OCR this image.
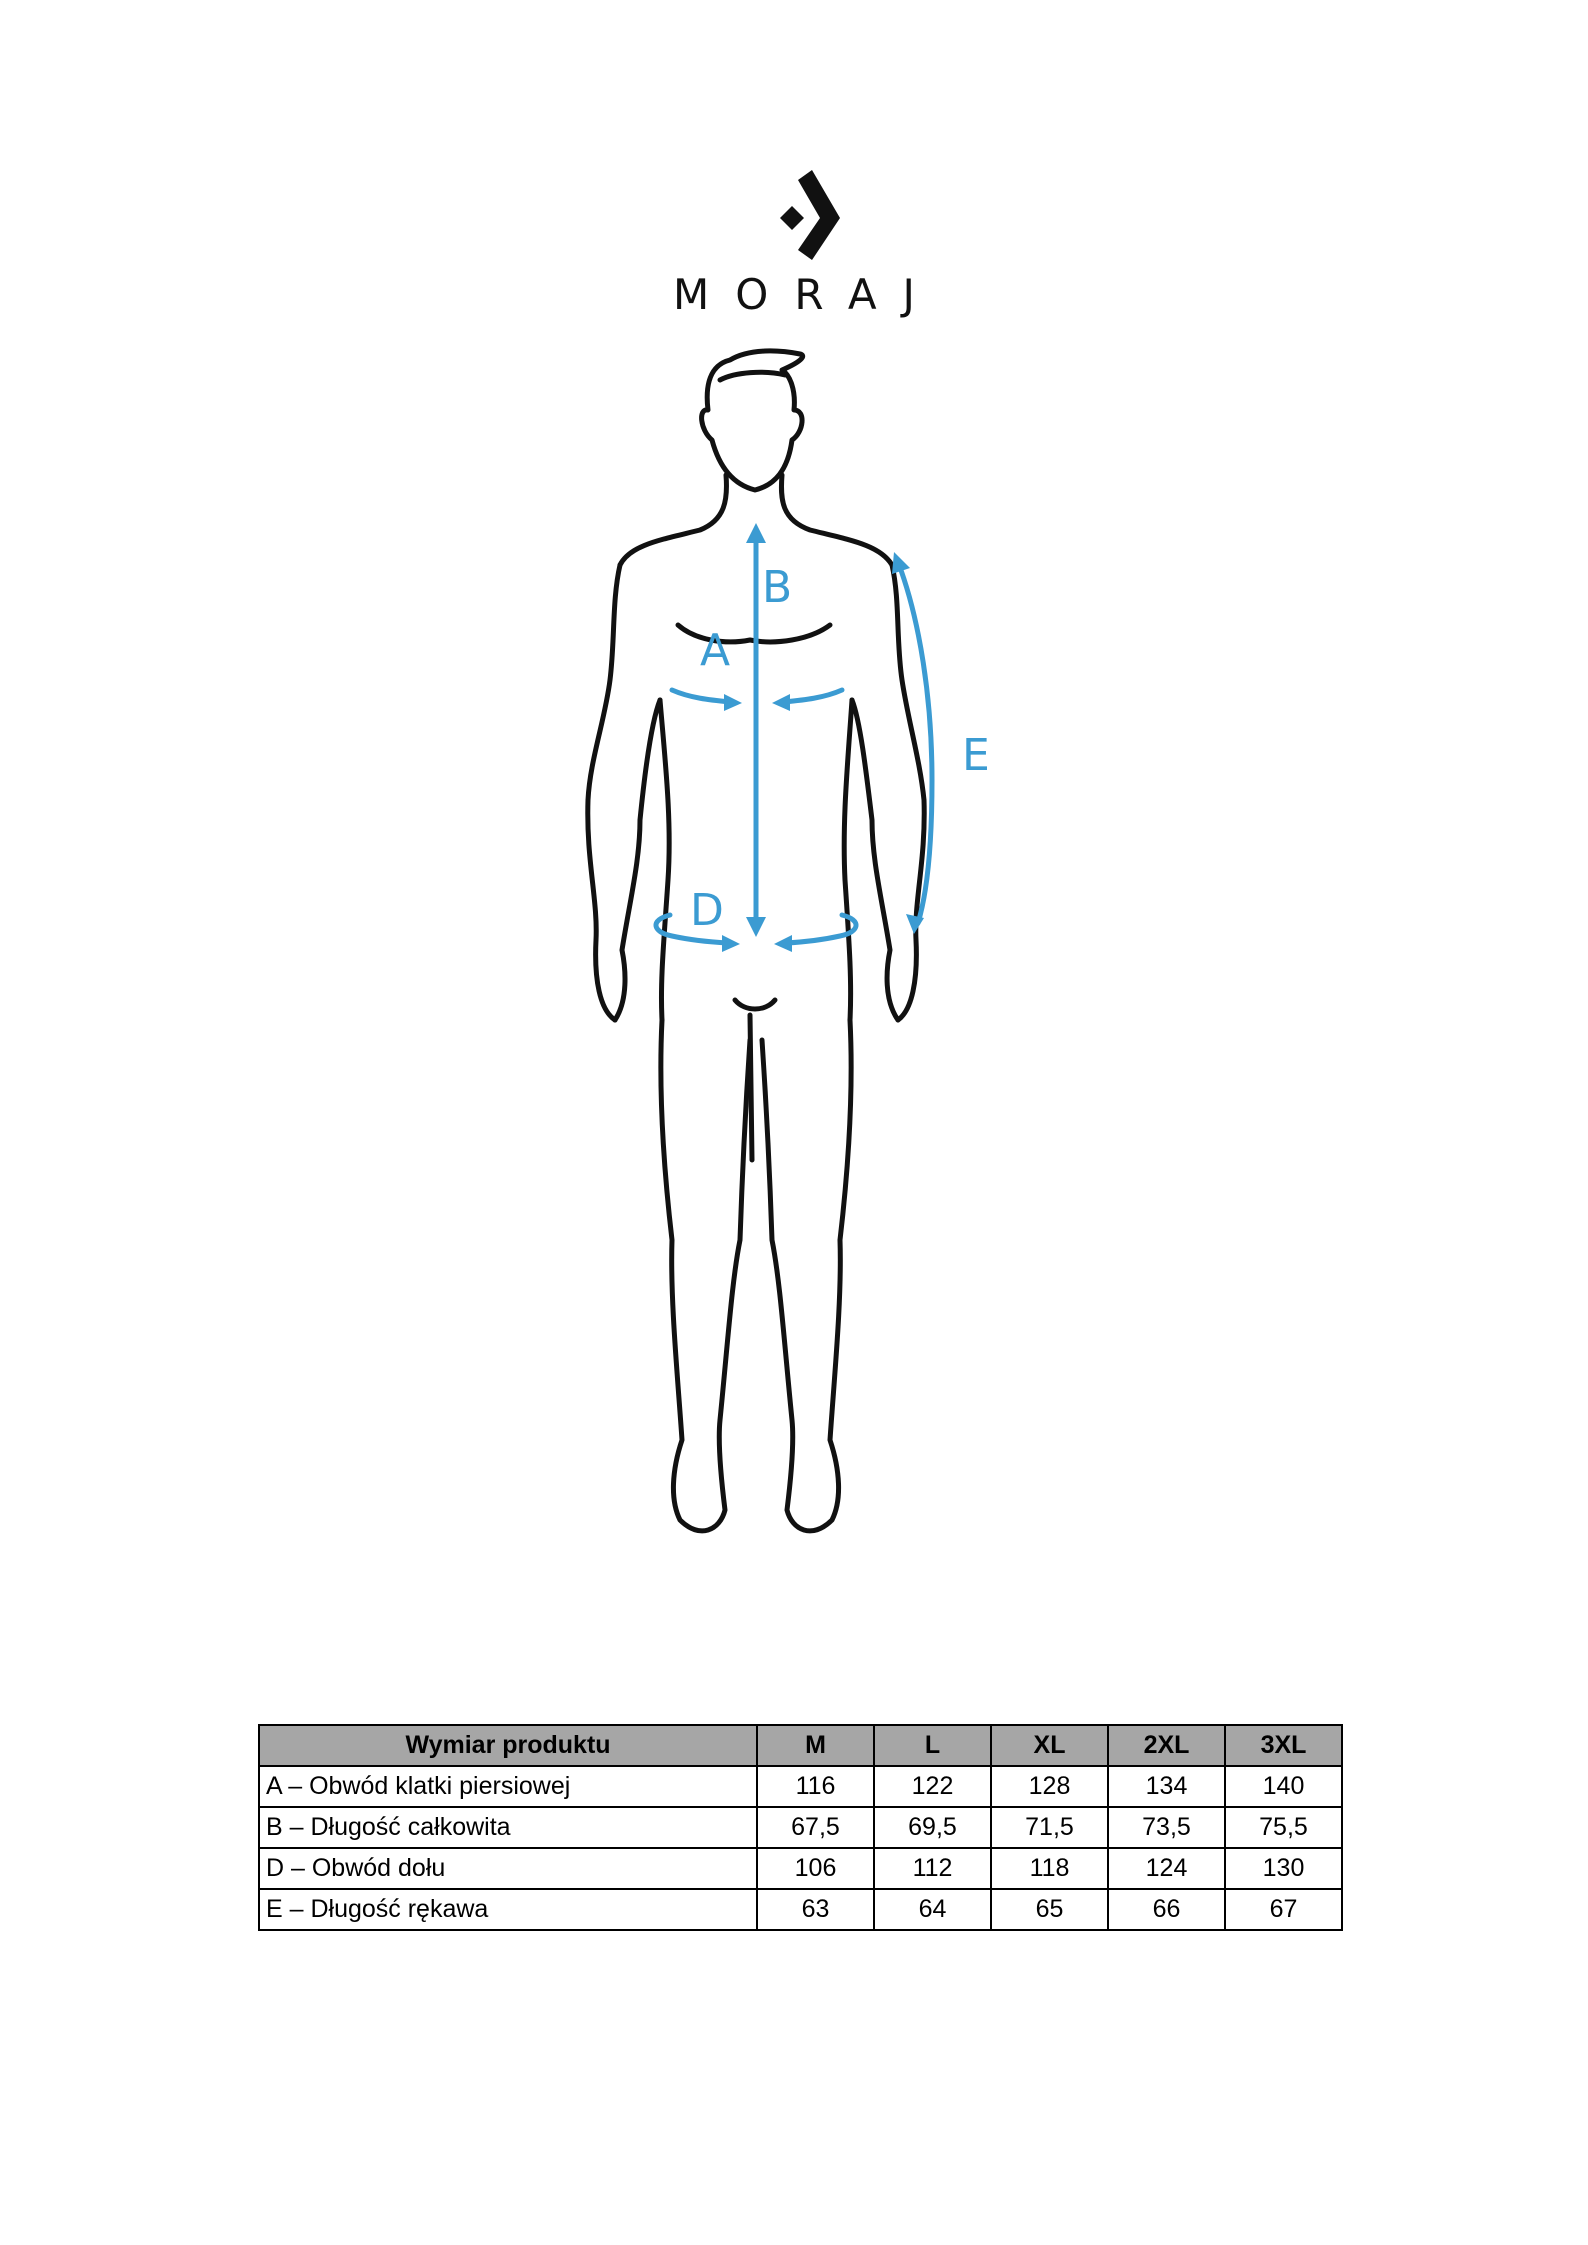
MORAJ
A
B
D
E
Wymiar produktu	M	L	XL	2XL	3XL
A – Obwód klatki piersiowej	116	122	128	134	140
B – Długość całkowita	67,5	69,5	71,5	73,5	75,5
D – Obwód dołu	106	112	118	124	130
E – Długość rękawa	63	64	65	66	67
